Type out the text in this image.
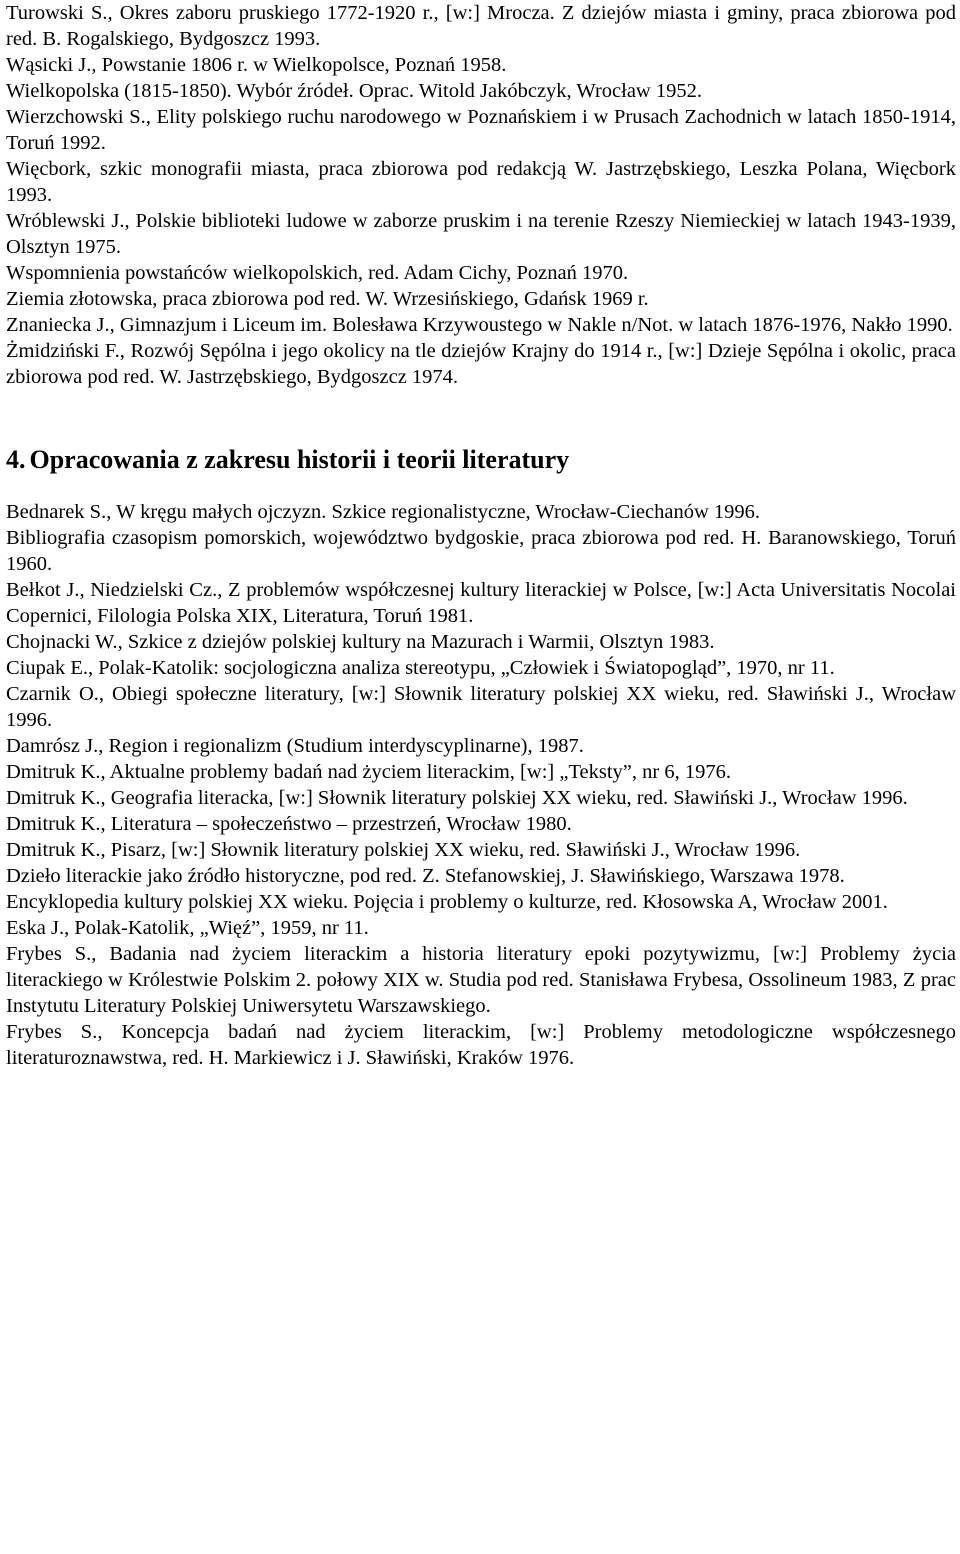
Turowski S., Okres zaboru pruskiego 1772-1920 r., [w:] Mrocza. Z dziejów miasta i gminy, praca zbiorowa pod red. B. Rogalskiego, Bydgoszcz 1993.

Wąsicki J., Powstanie 1806 r. w Wielkopolsce, Poznań 1958.

Wielkopolska (1815-1850). Wybór źródeł. Oprac. Witold Jakóbczyk, Wrocław 1952.

Wierzchowski S., Elity polskiego ruchu narodowego w Poznańskiem i w Prusach Zachodnich w latach 1850-1914, Toruń 1992.

Więcbork, szkic monografii miasta, praca zbiorowa pod redakcją W. Jastrzębskiego, Leszka Polana, Więcbork 1993.

Wróblewski J., Polskie biblioteki ludowe w zaborze pruskim i na terenie Rzeszy Niemieckiej w latach 1943-1939, Olsztyn 1975.

Wspomnienia powstańców wielkopolskich, red. Adam Cichy, Poznań 1970.

Ziemia złotowska, praca zbiorowa pod red. W. Wrzesińskiego, Gdańsk 1969 r.

Znaniecka J., Gimnazjum i Liceum im. Bolesława Krzywoustego w Nakle n/Not. w latach 1876-1976, Nakło 1990.

Żmidziński F., Rozwój Sępólna i jego okolicy na tle dziejów Krajny do 1914 r., [w:] Dzieje Sępólna i okolic, praca zbiorowa pod red. W. Jastrzębskiego, Bydgoszcz 1974.

4. Opracowania z zakresu historii i teorii literatury

Bednarek S., W kręgu małych ojczyzn. Szkice regionalistyczne, Wrocław-Ciechanów 1996.

Bibliografia czasopism pomorskich, województwo bydgoskie, praca zbiorowa pod red. H. Baranowskiego, Toruń 1960.

Bełkot J., Niedzielski Cz., Z problemów współczesnej kultury literackiej w Polsce, [w:] Acta Universitatis Nocolai Copernici, Filologia Polska XIX, Literatura, Toruń 1981.

Chojnacki W., Szkice z dziejów polskiej kultury na Mazurach i Warmii, Olsztyn 1983.

Ciupak E., Polak-Katolik: socjologiczna analiza stereotypu, „Człowiek i Światopogląd”, 1970, nr 11.

Czarnik O., Obiegi społeczne literatury, [w:] Słownik literatury polskiej XX wieku, red. Sławiński J., Wrocław 1996.

Damrósz J., Region i regionalizm (Studium interdyscyplinarne), 1987.

Dmitruk K., Aktualne problemy badań nad życiem literackim, [w:] „Teksty”, nr 6, 1976.

Dmitruk K., Geografia literacka, [w:] Słownik literatury polskiej XX wieku, red. Sławiński J., Wrocław 1996.

Dmitruk K., Literatura – społeczeństwo – przestrzeń, Wrocław 1980.

Dmitruk K., Pisarz, [w:] Słownik literatury polskiej XX wieku, red. Sławiński J., Wrocław 1996.

Dzieło literackie jako źródło historyczne, pod red. Z. Stefanowskiej, J. Sławińskiego, Warszawa 1978.

Encyklopedia kultury polskiej XX wieku. Pojęcia i problemy o kulturze, red. Kłosowska A, Wrocław 2001.

Eska J., Polak-Katolik, „Więź”, 1959, nr 11.

Frybes S., Badania nad życiem literackim a historia literatury epoki pozytywizmu, [w:] Problemy życia literackiego w Królestwie Polskim 2. połowy XIX w. Studia pod red. Stanisława Frybesa, Ossolineum 1983, Z prac Instytutu Literatury Polskiej Uniwersytetu Warszawskiego.

Frybes S., Koncepcja badań nad życiem literackim, [w:] Problemy metodologiczne współczesnego literaturoznawstwa, red. H. Markiewicz i J. Sławiński, Kraków 1976.
